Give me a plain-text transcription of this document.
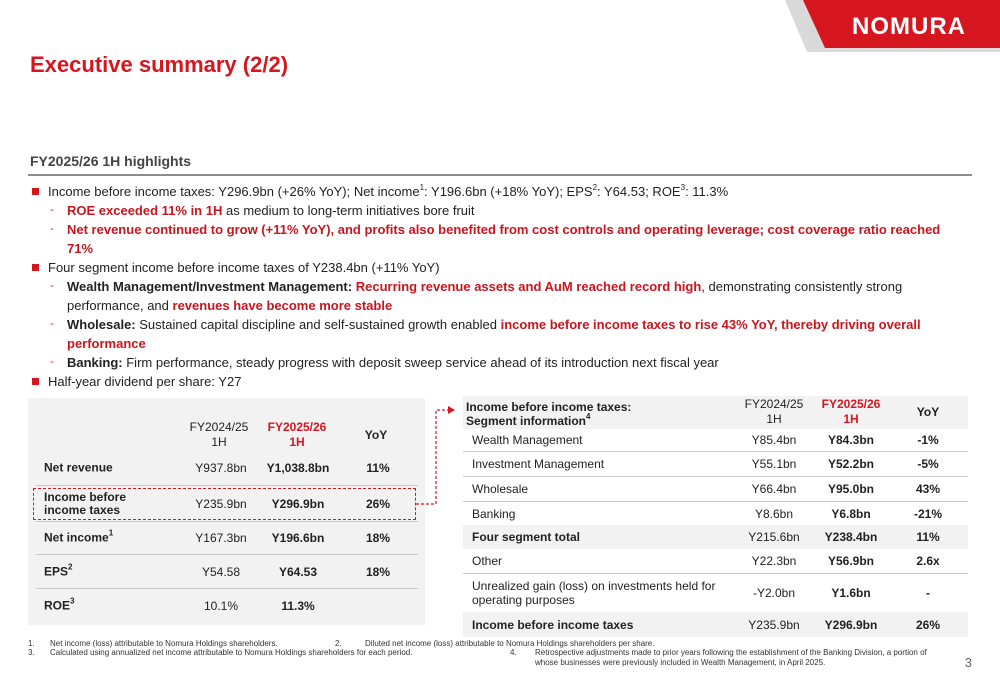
NOMURA
Executive summary (2/2)
FY2025/26 1H highlights
Income before income taxes: Y296.9bn (+26% YoY); Net income$^1$: Y196.6bn (+18% YoY); EPS$^2$: Y64.53; ROE$^3$: 11.3%
- ROE exceeded 11% in 1H as medium to long-term initiatives bore fruit
- Net revenue continued to grow (+11% YoY), and profits also benefited from cost controls and operating leverage; cost coverage ratio reached 71%
Four segment income before income taxes of Y238.4bn (+11% YoY)
- Wealth Management/Investment Management: Recurring revenue assets and AuM reached record high, demonstrating consistently strong performance, and revenues have become more stable
- Wholesale: Sustained capital discipline and self-sustained growth enabled income before income taxes to rise 43% YoY, thereby driving overall performance
- Banking: Firm performance, steady progress with deposit sweep service ahead of its introduction next fiscal year
Half-year dividend per share: Y27
FY2024/25
1H
FY2025/26
1H	YoY
Net revenue	Y937.8bn	Y1,038.8bn	11%
Income before income taxes	Y235.9bn	Y296.9bn	26%
Net income$^1$	Y167.3bn	Y196.6bn	18%
EPS$^2$	Y54.58	Y64.53	18%
ROE$^3$	10.1%	11.3%
Income before income taxes:
Segment information$^4$
FY2024/25
1H
FY2025/26
1H	YoY
Wealth Management	Y85.4bn	Y84.3bn	-1%
Investment Management	Y55.1bn	Y52.2bn	-5%
Wholesale	Y66.4bn	Y95.0bn	43%
Banking	Y8.6bn	Y6.8bn	-21%
Four segment total	Y215.6bn	Y238.4bn	11%
Other	Y22.3bn	Y56.9bn	2.6x
Unrealized gain (loss) on investments held for operating purposes	-Y2.0bn	Y1.6bn	-
Income before income taxes	Y235.9bn	Y296.9bn	26%
1. Net income (loss) attributable to Nomura Holdings shareholders.	2.	Diluted net income (loss) attributable to Nomura Holdings shareholders per share.
3. Calculated using annualized net income attributable to Nomura Holdings shareholders for each period.	4. Retrospective adjustments made to prior years following the establishment of the Banking Division, a portion of whose businesses were previously included in Wealth Management, in April 2025.	3
